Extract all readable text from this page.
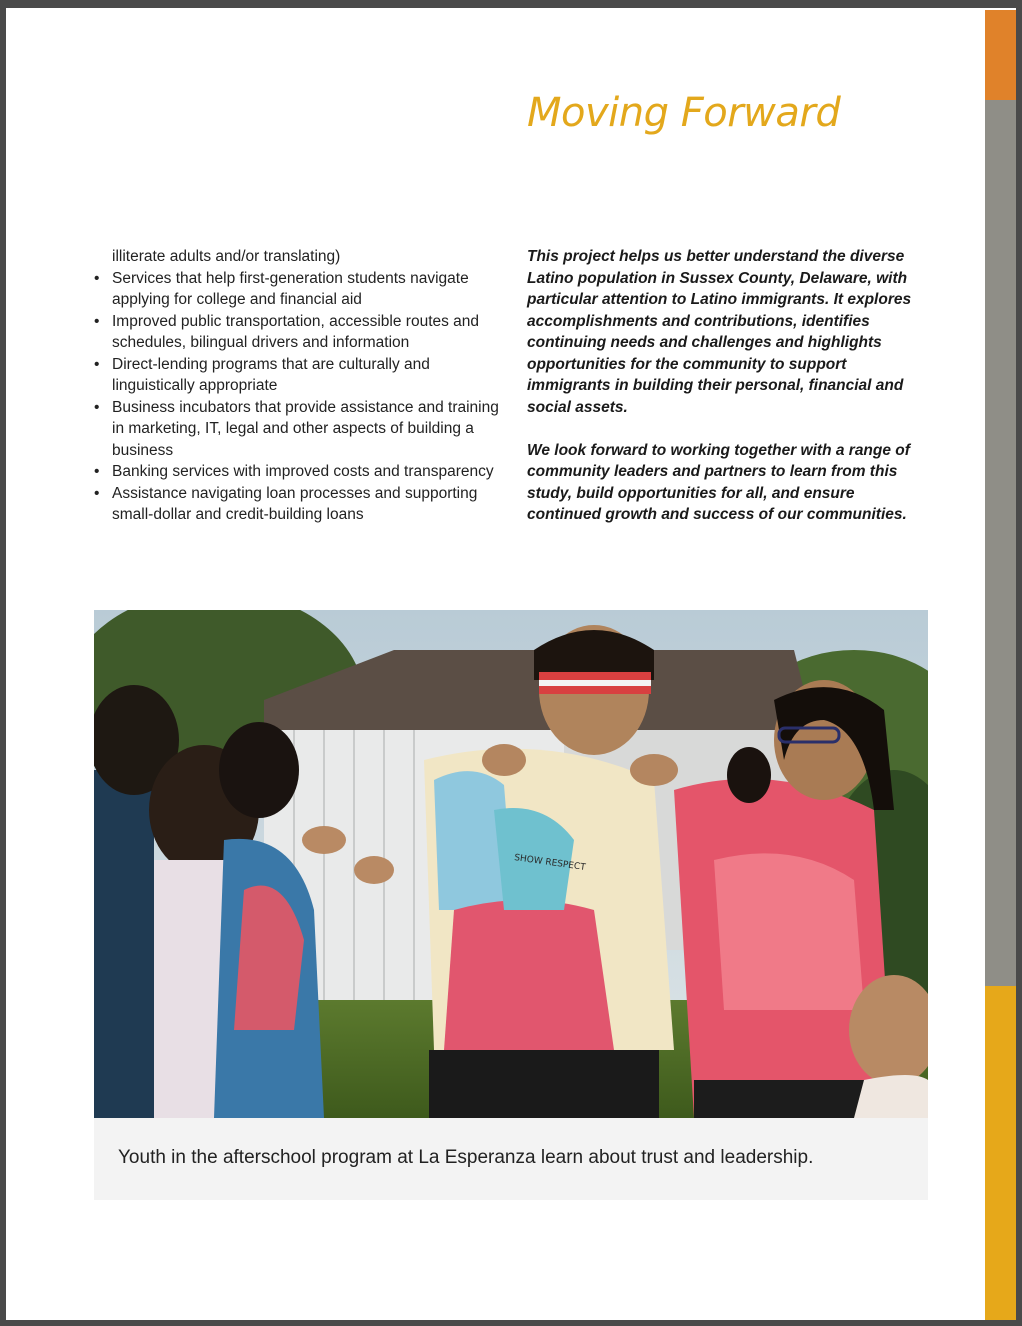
Moving Forward
illiterate adults and/or translating)
• Services that help first-generation students navigate applying for college and financial aid
• Improved public transportation, accessible routes and schedules, bilingual drivers and information
• Direct-lending programs that are culturally and linguistically appropriate
• Business incubators that provide assistance and training in marketing, IT, legal and other aspects of building a business
• Banking services with improved costs and transparency
• Assistance navigating loan processes and supporting small-dollar and credit-building loans

This project helps us better understand the diverse Latino population in Sussex County, Delaware, with particular attention to Latino immigrants. It explores accomplishments and contributions, identifies continuing needs and challenges and highlights opportunities for the community to support immigrants in building their personal, financial and social assets.

We look forward to working together with a range of community leaders and partners to learn from this study, build opportunities for all, and ensure continued growth and success of our communities.

SHOW RESPECT
Youth in the afterschool program at La Esperanza learn about trust and leadership.
